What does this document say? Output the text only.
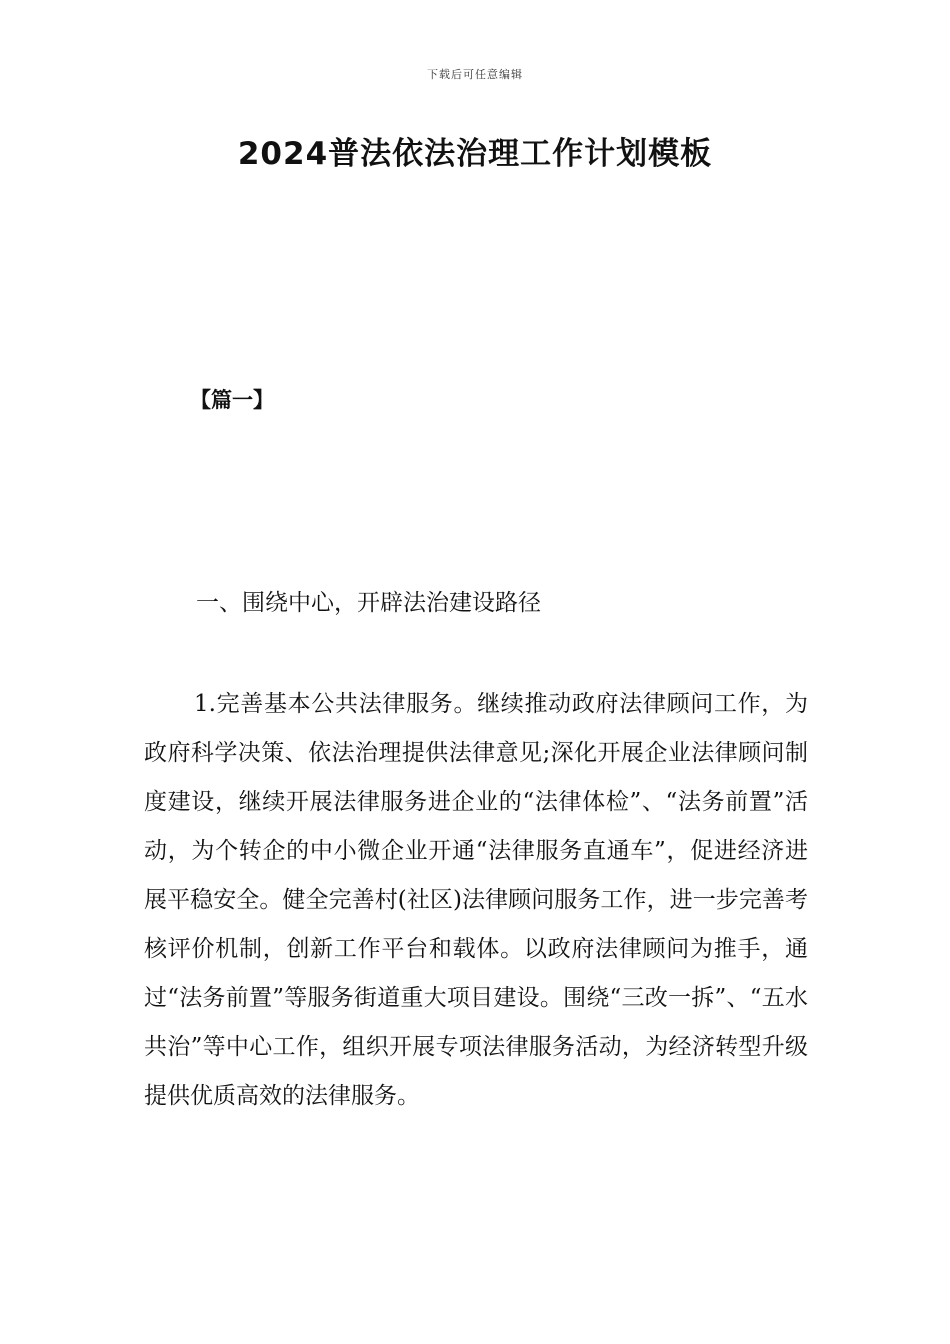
下载后可任意编辑
2024普法依法治理工作计划模板
【篇一】
一、围绕中心，开辟法治建设路径
1.完善基本公共法律服务。继续推动政府法律顾问工作，为政府科学决策、依法治理提供法律意见;深化开展企业法律顾问制度建设，继续开展法律服务进企业的“法律体检”、“法务前置”活动，为个转企的中小微企业开通“法律服务直通车”，促进经济进展平稳安全。健全完善村(社区)法律顾问服务工作，进一步完善考核评价机制，创新工作平台和载体。以政府法律顾问为推手，通过“法务前置”等服务街道重大项目建设。围绕“三改一拆”、“五水共治”等中心工作，组织开展专项法律服务活动，为经济转型升级提供优质高效的法律服务。
